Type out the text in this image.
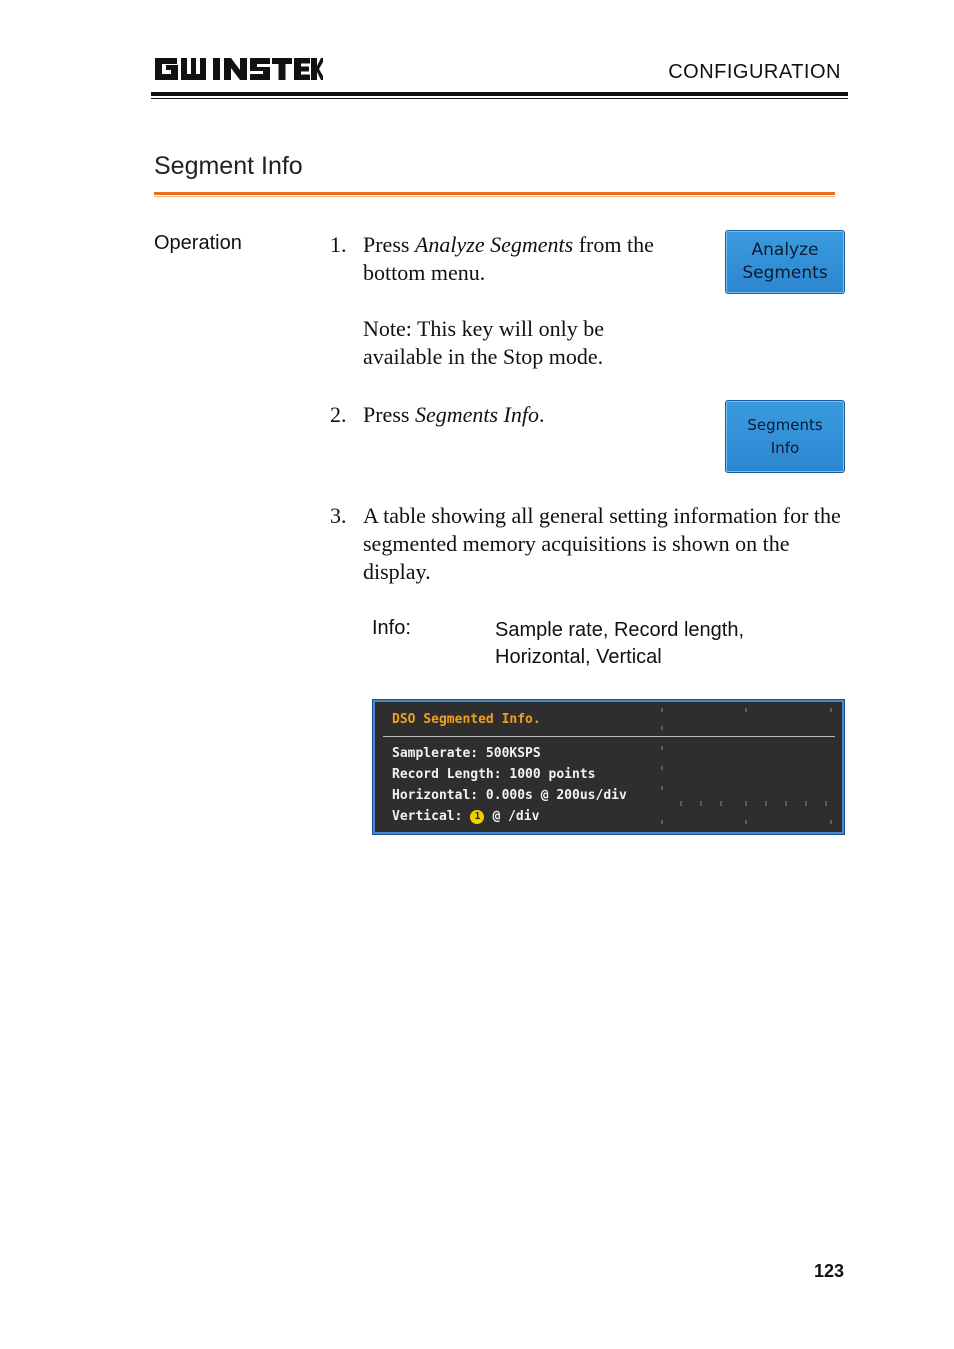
CONFIGURATION
Segment Info
Operation	1. Press Analyze Segments from the bottom menu.
Note: This key will only be available in the Stop mode.
Analyze
Segments
2. Press Segments Info.	Segments
Info
3. A table showing all general setting information for the segmented memory acquisitions is shown on the display.
Info:	Sample rate, Record length, Horizontal, Vertical
DSO Segmented Info.
Samplerate: 500KSPS
Record Length: 1000 points
Horizontal: 0.000s @ 200us/div
Vertical: 1 @ /div
123
